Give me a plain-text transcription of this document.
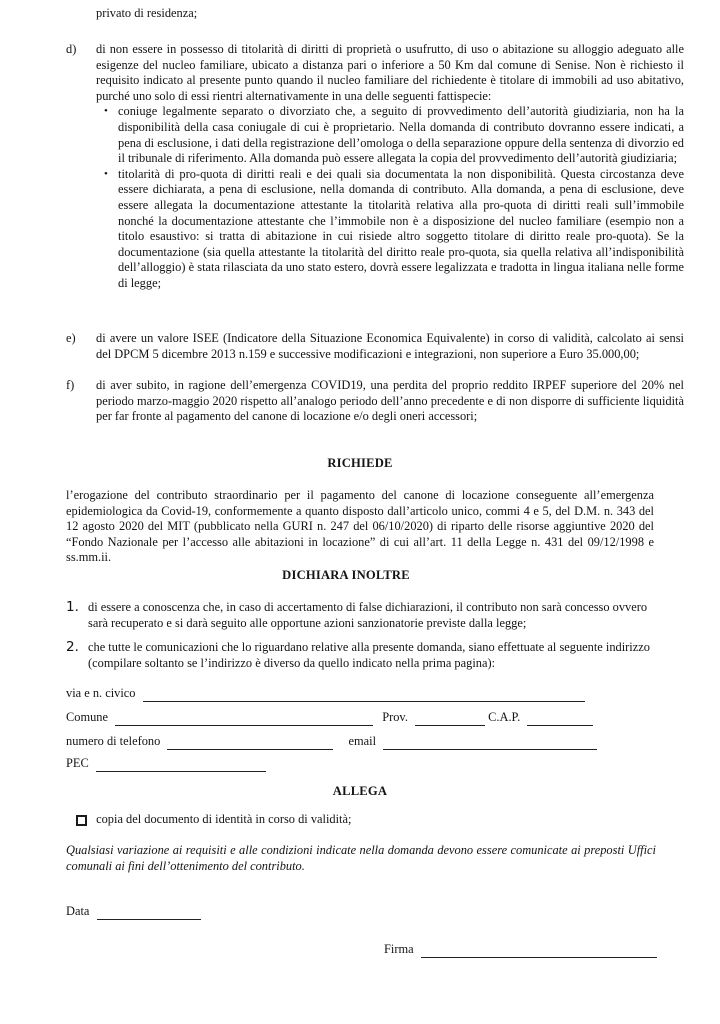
privato di residenza;
d)	di non essere in possesso di titolarità di diritti di proprietà o usufrutto, di uso o abitazione su alloggio adeguato alle esigenze del nucleo familiare, ubicato a distanza pari o inferiore a 50 Km dal comune di Senise. Non è richiesto il requisito indicato al presente punto quando il nucleo familiare del richiedente è titolare di immobili ad uso abitativo, purché uno solo di essi rientri alternativamente in una delle seguenti fattispecie:
• coniuge legalmente separato o divorziato che, a seguito di provvedimento dell’autorità giudiziaria, non ha la disponibilità della casa coniugale di cui è proprietario. Nella domanda di contributo dovranno essere indicati, a pena di esclusione, i dati della registrazione dell’omologa o della separazione oppure della sentenza di divorzio ed il tribunale di riferimento. Alla domanda può essere allegata la copia del provvedimento dell’autorità giudiziaria;
• titolarità di pro-quota di diritti reali e dei quali sia documentata la non disponibilità. Questa circostanza deve essere dichiarata, a pena di esclusione, nella domanda di contributo. Alla domanda, a pena di esclusione, deve essere allegata la documentazione attestante la titolarità relativa alla pro-quota di diritti reali sull’immobile nonché la documentazione attestante che l’immobile non è a disposizione del nucleo familiare (esempio non a titolo esaustivo: si tratta di abitazione in cui risiede altro soggetto titolare di diritto reale pro-quota). Se la documentazione (sia quella attestante la titolarità del diritto reale pro-quota, sia quella relativa all’indisponibilità dell’alloggio) è stata rilasciata da uno stato estero, dovrà essere legalizzata e tradotta in lingua italiana nelle forme di legge;
e)	di avere un valore ISEE (Indicatore della Situazione Economica Equivalente) in corso di validità, calcolato ai sensi del DPCM 5 dicembre 2013 n.159 e successive modificazioni e integrazioni, non superiore a Euro 35.000,00;
f)	di aver subito, in ragione dell’emergenza COVID19, una perdita del proprio reddito IRPEF superiore del 20% nel periodo marzo-maggio 2020 rispetto all’analogo periodo dell’anno precedente e di non disporre di sufficiente liquidità per far fronte al pagamento del canone di locazione e/o degli oneri accessori;
RICHIEDE
l’erogazione del contributo straordinario per il pagamento del canone di locazione conseguente all’emergenza epidemiologica da Covid-19, conformemente a quanto disposto dall’articolo unico, commi 4 e 5, del D.M. n. 343 del 12 agosto 2020 del MIT (pubblicato nella GURI n. 247 del 06/10/2020) di riparto delle risorse aggiuntive 2020 del “Fondo Nazionale per l’accesso alle abitazioni in locazione” di cui all’art. 11 della Legge n. 431 del 09/12/1998 e ss.mm.ii.
DICHIARA INOLTRE
1. di essere a conoscenza che, in caso di accertamento di false dichiarazioni, il contributo non sarà concesso ovvero sarà recuperato e si darà seguito alle opportune azioni sanzionatorie previste dalla legge;
2. che tutte le comunicazioni che lo riguardano relative alla presente domanda, siano effettuate al seguente indirizzo (compilare soltanto se l’indirizzo è diverso da quello indicato nella prima pagina):
via e n. civico
Comune	Prov.	C.A.P.
numero di telefono	email
PEC
ALLEGA
copia del documento di identità in corso di validità;
Qualsiasi variazione ai requisiti e alle condizioni indicate nella domanda devono essere comunicate ai preposti Uffici comunali ai fini dell’ottenimento del contributo.
Data
Firma
